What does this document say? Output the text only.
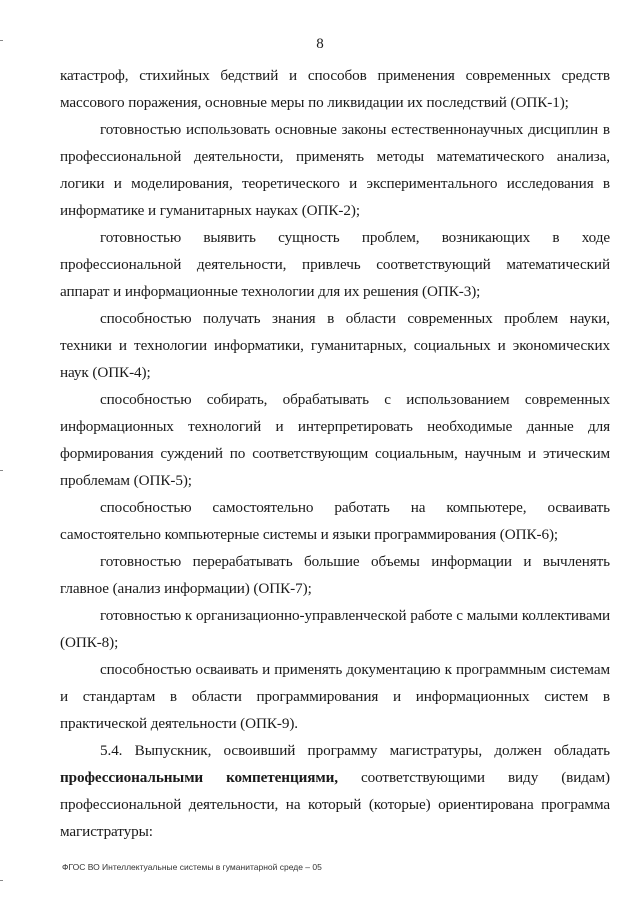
8

катастроф, стихийных бедствий и способов применения современных средств массового поражения, основные меры по ликвидации их последствий (ОПК-1);

готовностью использовать основные законы естественнонаучных дисциплин в профессиональной деятельности, применять методы математического анализа, логики и моделирования, теоретического и экспериментального исследования в информатике и гуманитарных науках (ОПК-2);

готовностью выявить сущность проблем, возникающих в ходе профессиональной деятельности, привлечь соответствующий математический аппарат и информационные технологии для их решения (ОПК-3);

способностью получать знания в области современных проблем науки, техники и технологии информатики, гуманитарных, социальных и экономических наук (ОПК-4);

способностью собирать, обрабатывать с использованием современных информационных технологий и интерпретировать необходимые данные для формирования суждений по соответствующим социальным, научным и этическим проблемам (ОПК-5);

способностью самостоятельно работать на компьютере, осваивать самостоятельно компьютерные системы и языки программирования (ОПК-6);

готовностью перерабатывать большие объемы информации и вычленять главное (анализ информации) (ОПК-7);

готовностью к организационно-управленческой работе с малыми коллективами (ОПК-8);

способностью осваивать и применять документацию к программным системам и стандартам в области программирования и информационных систем в практической деятельности (ОПК-9).

5.4. Выпускник, освоивший программу магистратуры, должен обладать профессиональными компетенциями, соответствующими виду (видам) профессиональной деятельности, на который (которые) ориентирована программа магистратуры:

ФГОС ВО Интеллектуальные системы в гуманитарной среде – 05
